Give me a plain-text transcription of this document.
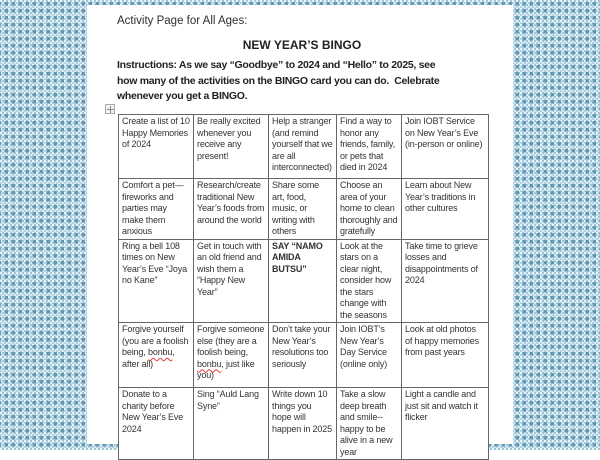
Activity Page for All Ages:
NEW YEAR’S BINGO
Instructions: As we say “Goodbye” to 2024 and “Hello” to 2025, see
how many of the activities on the BINGO card you can do.  Celebrate
whenever you get a BINGO.
Create a list of 10 Happy Memories of 2024	Be really excited whenever you receive any present!	Help a stranger (and remind yourself that we are all interconnected)	Find a way to honor any friends, family, or pets that died in 2024	Join IOBT Service on New Year’s Eve (in-person or online)
Comfort a pet—fireworks and parties may make them anxious	Research/create traditional New Year’s foods from around the world	Share some art, food, music, or writing with others	Choose an area of your home to clean thoroughly and gratefully	Learn about New Year’s traditions in other cultures
Ring a bell 108 times on New Year’s Eve “Joya no Kane”	Get in touch with an old friend and wish them a “Happy New Year”	SAY “NAMO AMIDA BUTSU”	Look at the stars on a clear night, consider how the stars change with the seasons	Take time to grieve losses and disappointments of 2024
Forgive yourself (you are a foolish being, bonbu, after all)	Forgive someone else (they are a foolish being, bonbu, just like you)	Don’t take your New Year’s resolutions too seriously	Join IOBT’s New Year’s Day Service (online only)	Look at old photos of happy memories from past years
Donate to a charity before New Year’s Eve 2024	Sing “Auld Lang Syne”	Write down 10 things you hope will happen in 2025	Take a slow deep breath and smile--happy to be alive in a new year	Light a candle and just sit and watch it flicker
